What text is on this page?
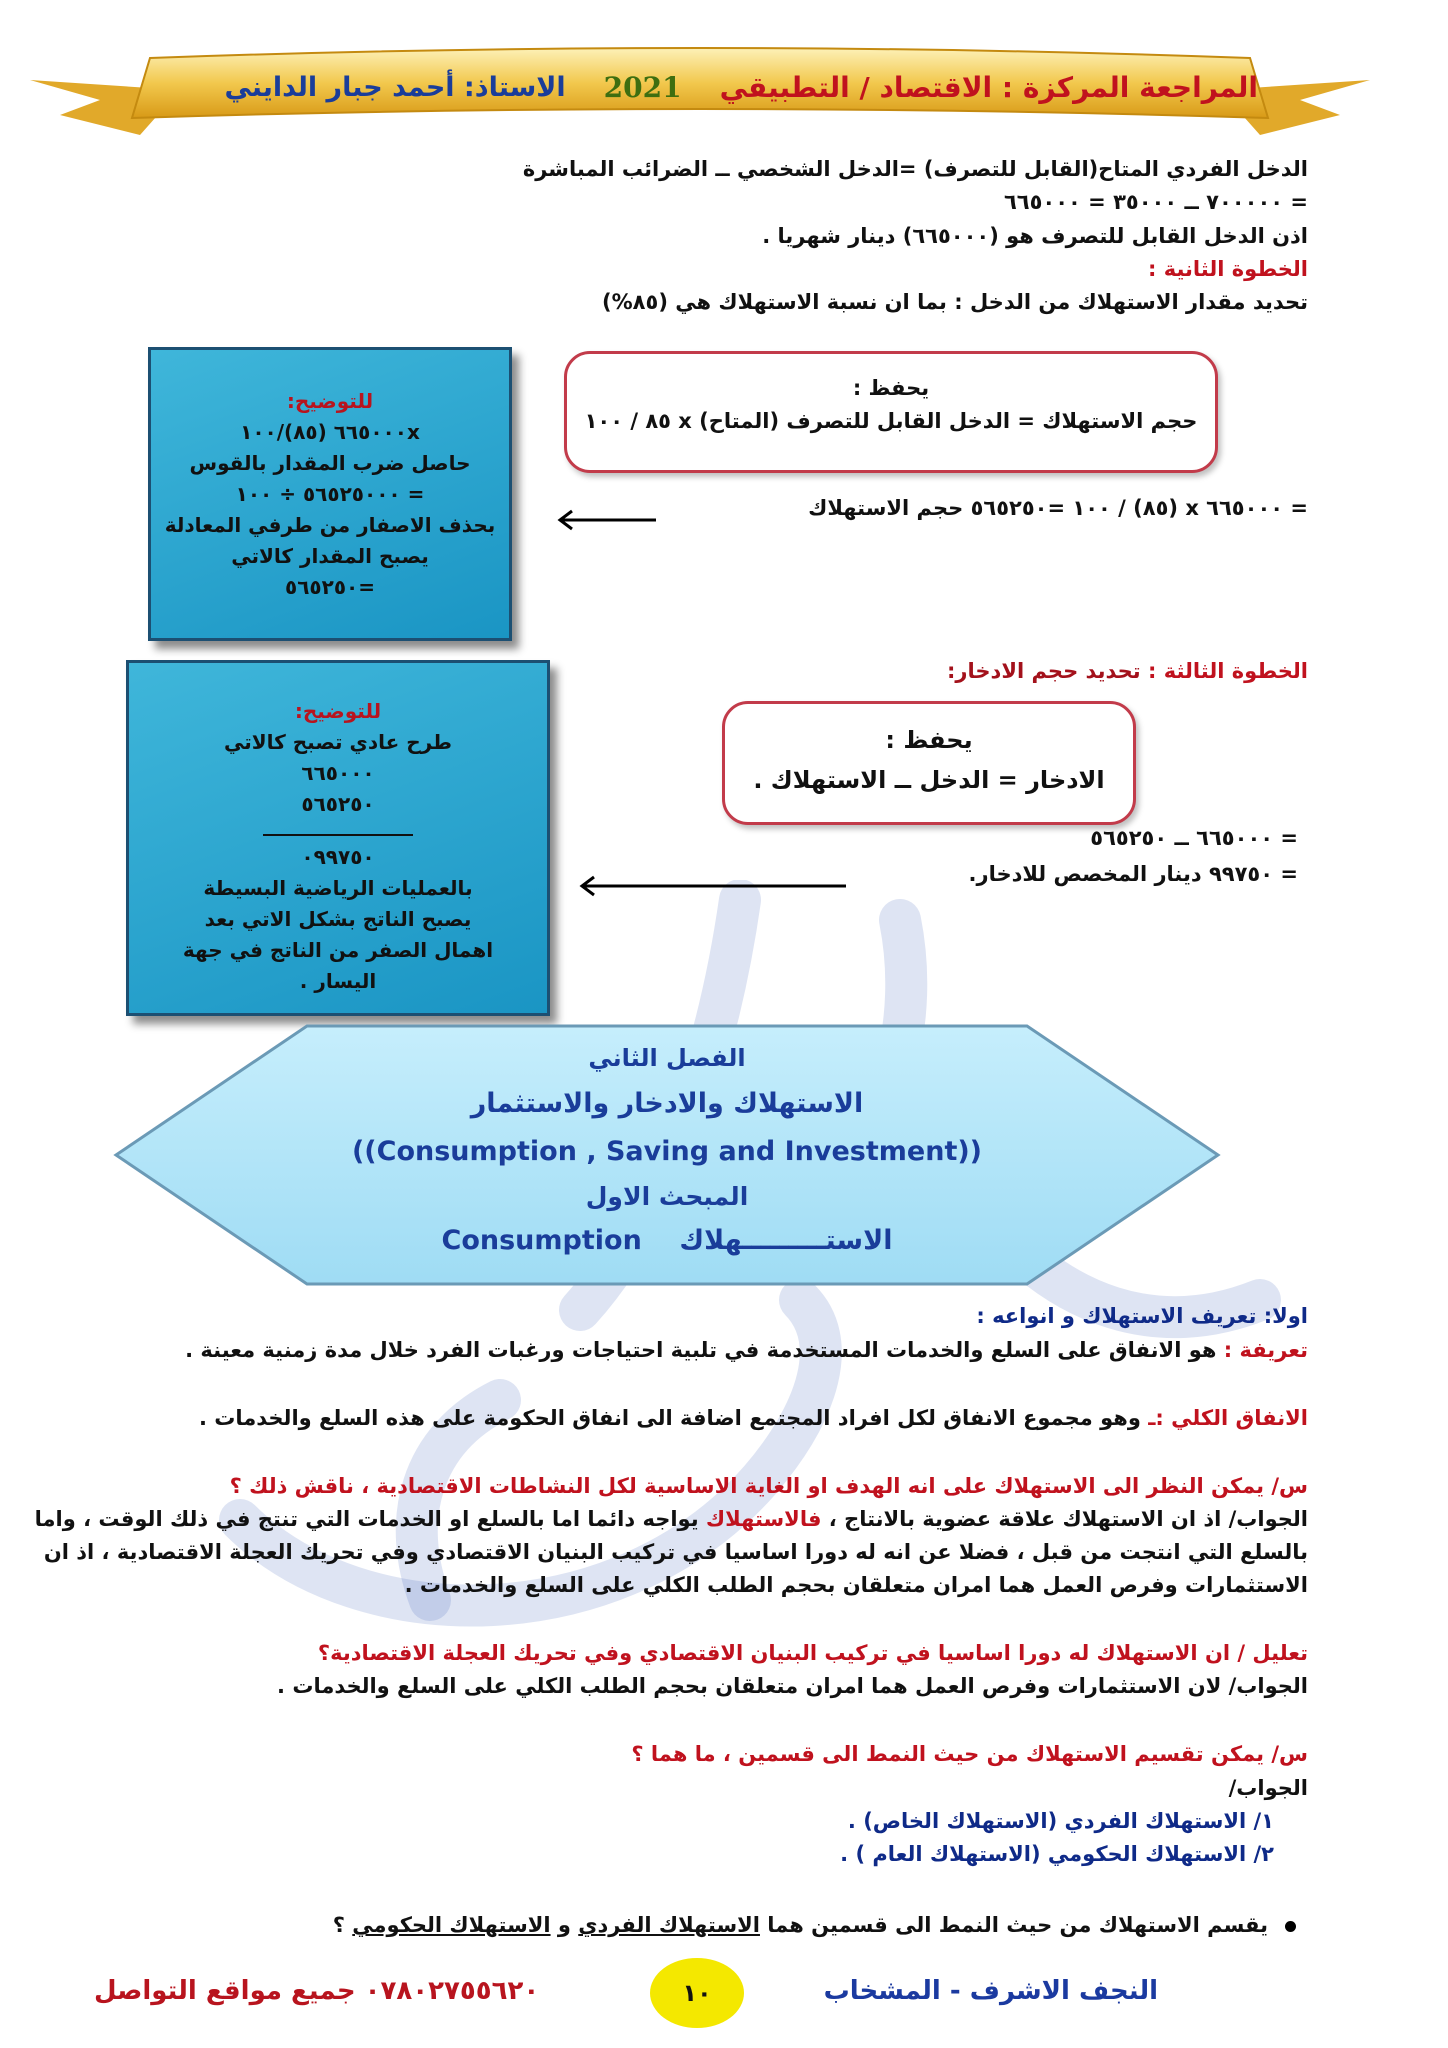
المراجعة المركزة : الاقتصاد / التطبيقي
2021
الاستاذ: أحمد جبار الدايني
الدخل الفردي المتاح(القابل للتصرف) =الدخل الشخصي ــ الضرائب المباشرة
= ٧٠٠٠٠٠ ــ ٣٥٠٠٠ = ٦٦٥٠٠٠
اذن الدخل القابل للتصرف هو (٦٦٥٠٠٠) دينار شهريا .
الخطوة الثانية :
تحديد مقدار الاستهلاك من الدخل : بما ان نسبة الاستهلاك هي (٨٥%)
يحفظ :
حجم الاستهلاك = الدخل القابل للتصرف (المتاح) x ٨٥ / ١٠٠
= ٦٦٥٠٠٠ x (٨٥) / ١٠٠ =٥٦٥٢٥٠ حجم الاستهلاك
للتوضيح:
٦٦٥٠٠٠x (٨٥)/١٠٠
حاصل ضرب المقدار بالقوس
= ٥٦٥٢٥٠٠٠ ÷ ١٠٠
بحذف الاصفار من طرفي المعادلة
يصبح المقدار كالاتي
=٥٦٥٢٥٠
الخطوة الثالثة : تحديد حجم الادخار:
يحفظ :
الادخار = الدخل ــ الاستهلاك .
= ٦٦٥٠٠٠ ــ ٥٦٥٢٥٠
= ٩٩٧٥٠ دينار المخصص للادخار.
للتوضيح:
طرح عادي تصبح كالاتي
٦٦٥٠٠٠
٥٦٥٢٥٠
٠٩٩٧٥٠
بالعمليات الرياضية البسيطة
يصبح الناتج بشكل الاتي بعد
اهمال الصفر من الناتج في جهة
اليسار .
الفصل الثاني
الاستهلاك والادخار والاستثمار
((Consumption , Saving and Investment))
المبحث الاول
الاستـــــــــهلاك    Consumption
اولا: تعريف الاستهلاك و انواعه :
تعريفة : هو الانفاق على السلع والخدمات المستخدمة في تلبية احتياجات ورغبات الفرد خلال مدة زمنية معينة .
الانفاق الكلي :ـ وهو مجموع الانفاق لكل افراد المجتمع اضافة الى انفاق الحكومة على هذه السلع والخدمات .
س/ يمكن النظر الى الاستهلاك على انه الهدف او الغاية الاساسية لكل النشاطات الاقتصادية ، ناقش ذلك ؟
الجواب/ اذ ان الاستهلاك علاقة عضوية بالانتاج ، فالاستهلاك يواجه دائما اما بالسلع او الخدمات التي تنتج في ذلك الوقت ، واما
بالسلع التي انتجت من قبل ، فضلا عن انه له دورا اساسيا في تركيب البنيان الاقتصادي وفي تحريك العجلة الاقتصادية ، اذ ان
الاستثمارات وفرص العمل هما امران متعلقان بحجم الطلب الكلي على السلع والخدمات .
تعليل / ان الاستهلاك له دورا اساسيا في تركيب البنيان الاقتصادي وفي تحريك العجلة الاقتصادية؟
الجواب/ لان الاستثمارات وفرص العمل هما امران متعلقان بحجم الطلب الكلي على السلع والخدمات .
س/ يمكن تقسيم الاستهلاك من حيث النمط الى قسمين ، ما هما ؟
الجواب/
١/ الاستهلاك الفردي (الاستهلاك الخاص) .
٢/ الاستهلاك الحكومي (الاستهلاك العام ) .
يقسم الاستهلاك من حيث النمط الى قسمين هما الاستهلاك الفردي و الاستهلاك الحكومي ؟
النجف الاشرف - المشخاب
١٠
٠٧٨٠٢٧٥٥٦٢٠ جميع مواقع التواصل
